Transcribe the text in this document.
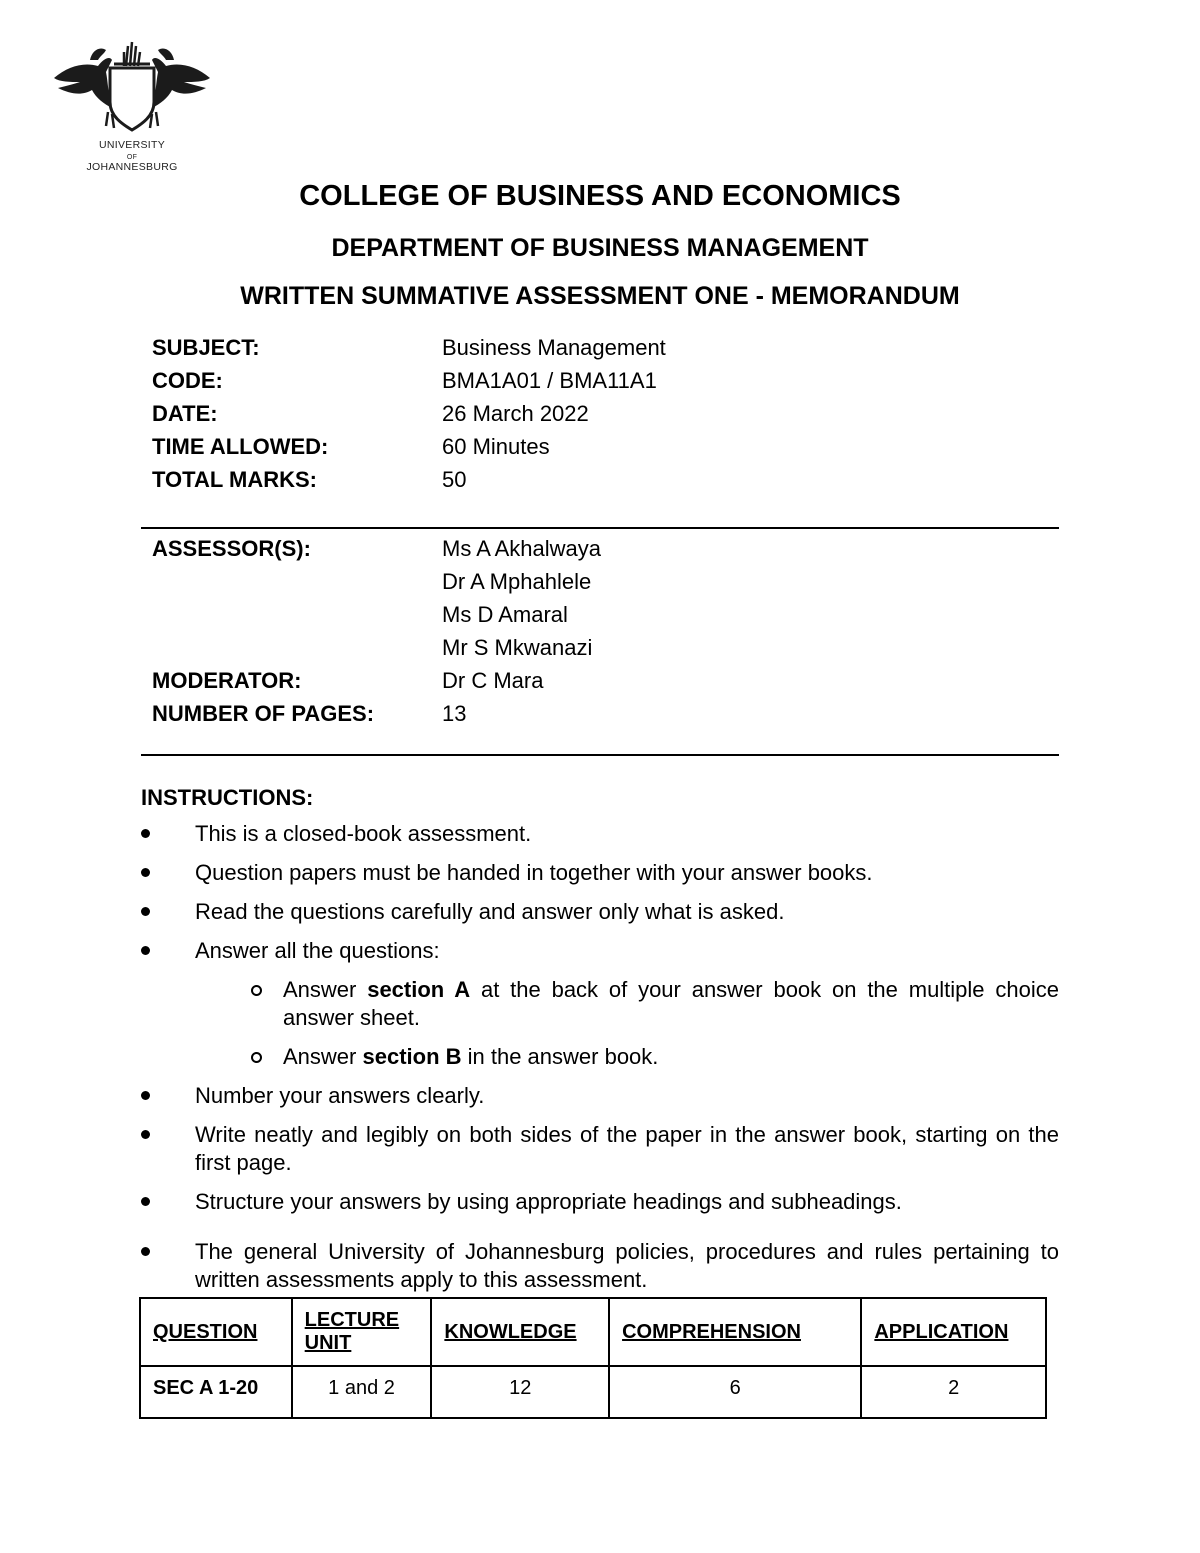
UNIVERSITY
OF
JOHANNESBURG
COLLEGE OF BUSINESS AND ECONOMICS
DEPARTMENT OF BUSINESS MANAGEMENT
WRITTEN SUMMATIVE ASSESSMENT ONE - MEMORANDUM
SUBJECT:	Business Management
CODE:	BMA1A01 / BMA11A1
DATE:	26 March 2022
TIME ALLOWED:	60 Minutes
TOTAL MARKS:	50
ASSESSOR(S):	Ms A Akhalwaya
Dr A Mphahlele
Ms D Amaral
Mr S Mkwanazi
MODERATOR:	Dr C Mara
NUMBER OF PAGES:	13
INSTRUCTIONS:
This is a closed-book assessment.
Question papers must be handed in together with your answer books.
Read the questions carefully and answer only what is asked.
Answer all the questions:
Answer section A at the back of your answer book on the multiple choice answer sheet.
Answer section B in the answer book.
Number your answers clearly.
Write neatly and legibly on both sides of the paper in the answer book, starting on the first page.
Structure your answers by using appropriate headings and subheadings.
The general University of Johannesburg policies, procedures and rules pertaining to written assessments apply to this assessment.
QUESTION	LECTURE UNIT	KNOWLEDGE	COMPREHENSION	APPLICATION
SEC A 1-20	1 and 2	12	6	2
